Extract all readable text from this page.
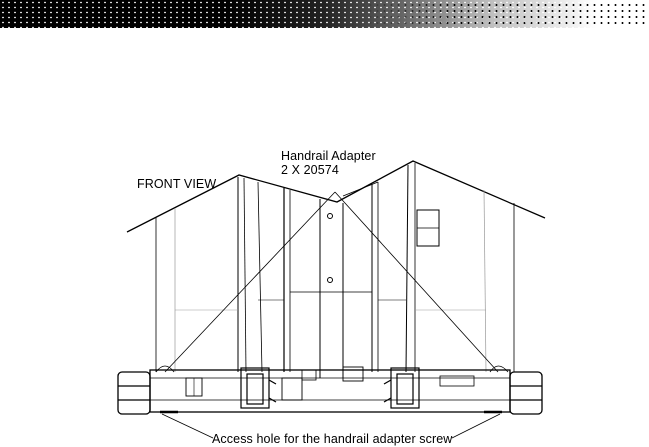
FRONT VIEW
Handrail Adapter
2 X 20574
Access hole for the handrail adapter screw
